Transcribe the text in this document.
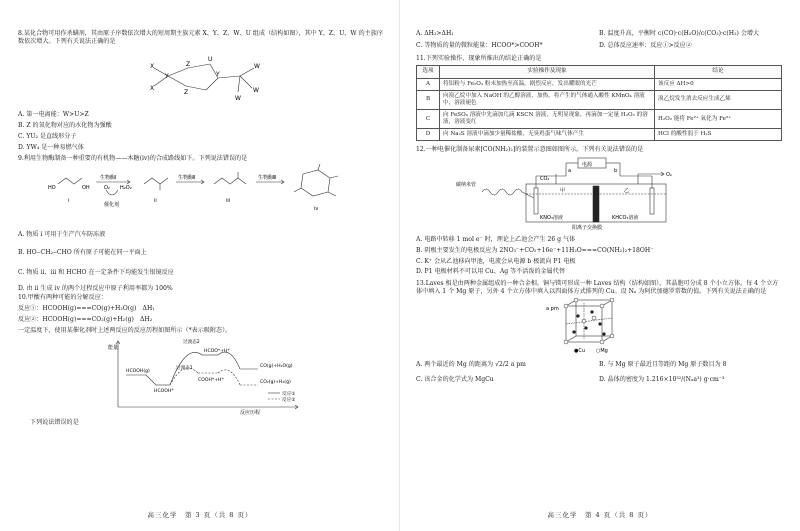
8.某化合物可用作杀螨剂，其由原子序数依次增大的短周期主族元素 X、Y、Z、W、U 组成（结构如图），其中 Y、Z、U、W 的主族序数依次增大。下列有关说法正确的是

X
X
Y
Z
Z
U
Y
W
W
W

A. 第一电离能：W>U>Z

B. Z 的氧化物对应的水化物为强酸

C. YU₂ 是直线形分子

D. YW₄ 是一种易燃气体

9.利用生物酶制备一种重要的有机物——木糖(iv)的合成路线如下。下列说法错误的是

HO	OH
生物酶Ⅰ
O₂ H₂O₂
催化剂
生物酶Ⅱ	生物酶Ⅲ
i	ii	iii
iv

A. 物质 i 可用于生产汽车防冻液

B. HO‒CH₂‒CHO 所有原子可能在同一平面上

C. 物质 ii、iii 和 HCHO 在一定条件下均能发生银镜反应

D. 由 ii 生成 iv 的两个过程反应中原子利用率都为 100%

10.甲酸有两种可能的分解反应：

反应①：HCOOH(g)===CO(g)+H₂O(g)　ΔH₁

反应②：HCOOH(g)===CO₂(g)+H₂(g)　ΔH₂

一定温度下，使用某催化剂时上述两反应的反应历程如图所示（*表示吸附态）。

能量
反应历程
HCOOH(g)
HCOOH*
过渡态2
HCOO*+H*
过渡态1
COOH*+H*
CO(g)+H₂O(g)
CO₂(g)+H₂(g)
反应①
反应②

下列说法错误的是

高三化学　第 3 页（共 8 页）
A. ΔH₂>ΔH₁	B. 温度升高，平衡时 c(CO)·c(H₂O)/c(CO₂)·c(H₂) 会增大
C. 等物质的量的微粒能量：HCOO*>COOH*	D. 总体反应速率：反应①>反应②

11.下列实验操作、现象所推出的结论正确的是

选项	实验操作及现象	结论
A	将铝粉与 Fe₂O₃ 粉末加热至高温，剧烈反应，发出耀眼的光芒	该反应 ΔH>0
B	向溴乙烷中加入 NaOH 的乙醇溶液，加热，将产生的气体通入酸性 KMnO₄ 溶液中，溶液褪色	溴乙烷发生消去反应生成乙烯
C	向 FeSO₄ 溶液中先滴加几滴 KSCN 溶液，无明显现象，再滴加一定量 H₂O₂ 的溶液，溶液变红	H₂O₂ 能将 Fe²⁺ 氧化为 Fe³⁺
D	向 Na₂S 溶液中滴加少量稀盐酸，无臭鸡蛋气味气体产生	HCl 的酸性弱于 H₂S

12.一种电催化制备尿素[CO(NH₂)₂]的装置示意图如图所示。下列有关说法错误的是

电源
a	b
甲	乙
CO₂
O₂
KNO₃溶液	KHCO₃溶液
阳离子交换膜
碳纳米管

A. 电路中转移 1 mol e⁻ 时，理论上乙池会产生 26 g 气体

B. 阴极主要发生的电极反应为 2NO₃⁻+CO₂+16e⁻+11H₂O===CO(NH₂)₂+18OH⁻

C. K⁺ 会从乙池移向甲池，电流会从电源 b 极流向 P1 电极

D. P1 电极材料不可以用 Cu、Ag 等不活泼的金属代替

13.Laves 相是由两种金属组成的一种合金相。铜与镁可形成一种 Laves 结构（结构如图），其晶胞可分成 8 个小立方体，每 4 个立方体中填入 1 个 Mg 原子，另外 4 个立方体中填入以四面体方式排列的 Cu。设 Nₐ 为阿伏加德罗常数的值。下列有关说法正确的是

a pm
●Cu ○Mg
A. 两个最近的 Mg 的距离为 √2/2 a pm	B. 与 Mg 原子最近且等距的 Mg 原子数目为 8
C. 该合金的化学式为 MgCu	D. 晶体的密度为 1.216×10³²/(Nₐa³) g·cm⁻³
高三化学　第 4 页（共 8 页）
